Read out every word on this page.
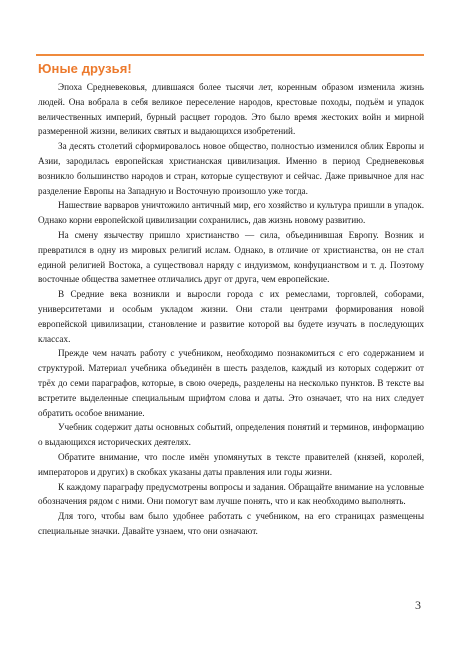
Юные друзья!

Эпоха Средневековья, длившаяся более тысячи лет, коренным образом изменила жизнь людей. Она вобрала в себя великое переселение народов, крестовые походы, подъём и упадок величественных империй, бурный расцвет городов. Это было время жестоких войн и мирной размеренной жизни, великих святых и выдающихся изобретений.

За десять столетий сформировалось новое общество, полностью изменился облик Европы и Азии, зародилась европейская христианская цивилизация. Именно в период Средневековья возникло большинство народов и стран, которые существуют и сейчас. Даже привычное для нас разделение Европы на Западную и Восточную произошло уже тогда.

Нашествие варваров уничтожило античный мир, его хозяйство и культура пришли в упадок. Однако корни европейской цивилизации сохранились, дав жизнь новому развитию.

На смену язычеству пришло христианство — сила, объединившая Европу. Возник и превратился в одну из мировых религий ислам. Однако, в отличие от христианства, он не стал единой религией Востока, а существовал наряду с индуизмом, конфуцианством и т. д. Поэтому восточные общества заметнее отличались друг от друга, чем европейские.

В Средние века возникли и выросли города с их ремеслами, торговлей, соборами, университетами и особым укладом жизни. Они стали центрами формирования новой европейской цивилизации, становление и развитие которой вы будете изучать в последующих классах.

Прежде чем начать работу с учебником, необходимо познакомиться с его содержанием и структурой. Материал учебника объединён в шесть разделов, каждый из которых содержит от трёх до семи параграфов, которые, в свою очередь, разделены на несколько пунктов. В тексте вы встретите выделенные специальным шрифтом слова и даты. Это означает, что на них следует обратить особое внимание.

Учебник содержит даты основных событий, определения понятий и терминов, информацию о выдающихся исторических деятелях.

Обратите внимание, что после имён упомянутых в тексте правителей (князей, королей, императоров и других) в скобках указаны даты правления или годы жизни.

К каждому параграфу предусмотрены вопросы и задания. Обращайте внимание на условные обозначения рядом с ними. Они помогут вам лучше понять, что и как необходимо выполнять.

Для того, чтобы вам было удобнее работать с учебником, на его страницах размещены специальные значки. Давайте узнаем, что они означают.

3
